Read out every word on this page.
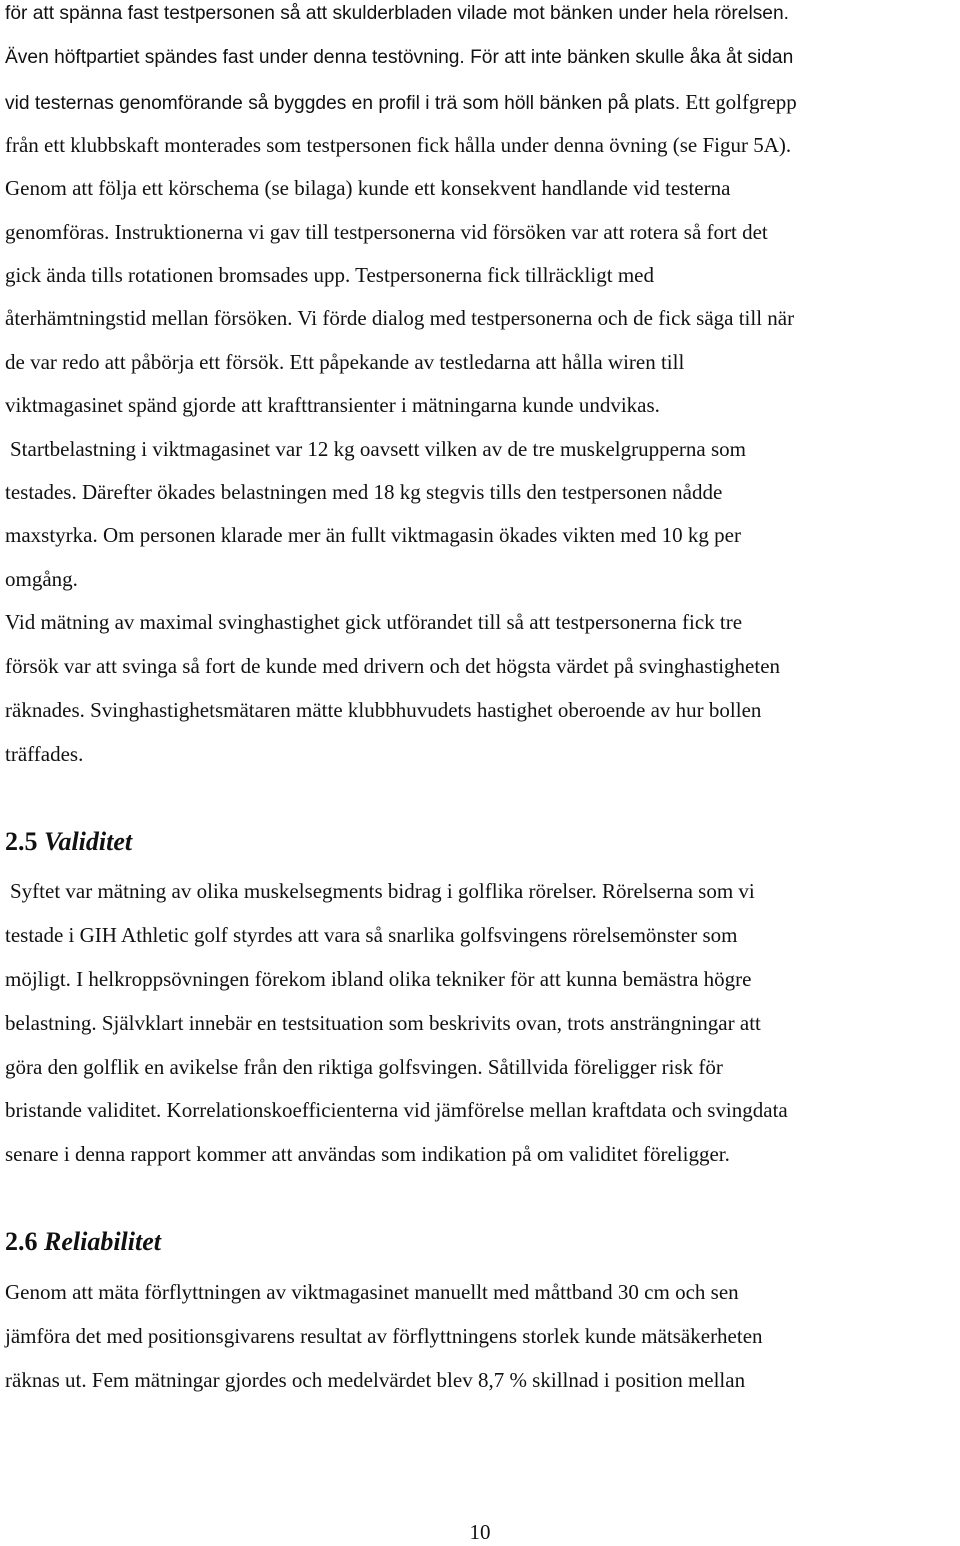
för att spänna fast testpersonen så att skulderbladen vilade mot bänken under hela rörelsen.
Även höftpartiet spändes fast under denna testövning. För att inte bänken skulle åka åt sidan
vid testernas genomförande så byggdes en profil i trä som höll bänken på plats. Ett golfgrepp
från ett klubbskaft monterades som testpersonen fick hålla under denna övning (se Figur 5A).
Genom att följa ett körschema (se bilaga) kunde ett konsekvent handlande vid testerna
genomföras. Instruktionerna vi gav till testpersonerna vid försöken var att rotera så fort det
gick ända tills rotationen bromsades upp. Testpersonerna fick tillräckligt med
återhämtningstid mellan försöken. Vi förde dialog med testpersonerna och de fick säga till när
de var redo att påbörja ett försök. Ett påpekande av testledarna att hålla wiren till
viktmagasinet spänd gjorde att krafttransienter i mätningarna kunde undvikas.
Startbelastning i viktmagasinet var 12 kg oavsett vilken av de tre muskelgrupperna som
testades. Därefter ökades belastningen med 18 kg stegvis tills den testpersonen nådde
maxstyrka. Om personen klarade mer än fullt viktmagasin ökades vikten med 10 kg per
omgång.
Vid mätning av maximal svinghastighet gick utförandet till så att testpersonerna fick tre
försök var att svinga så fort de kunde med drivern och det högsta värdet på svinghastigheten
räknades. Svinghastighetsmätaren mätte klubbhuvudets hastighet oberoende av hur bollen
träffades.
2.5 Validitet
Syftet var mätning av olika muskelsegments bidrag i golflika rörelser. Rörelserna som vi
testade i GIH Athletic golf styrdes att vara så snarlika golfsvingens rörelsemönster som
möjligt. I helkroppsövningen förekom ibland olika tekniker för att kunna bemästra högre
belastning. Självklart innebär en testsituation som beskrivits ovan, trots ansträngningar att
göra den golflik en avikelse från den riktiga golfsvingen. Såtillvida föreligger risk för
bristande validitet. Korrelationskoefficienterna vid jämförelse mellan kraftdata och svingdata
senare i denna rapport kommer att användas som indikation på om validitet föreligger.
2.6 Reliabilitet
Genom att mäta förflyttningen av viktmagasinet manuellt med måttband 30 cm och sen
jämföra det med positionsgivarens resultat av förflyttningens storlek kunde mätsäkerheten
räknas ut. Fem mätningar gjordes och medelvärdet blev 8,7 % skillnad i position mellan
10
